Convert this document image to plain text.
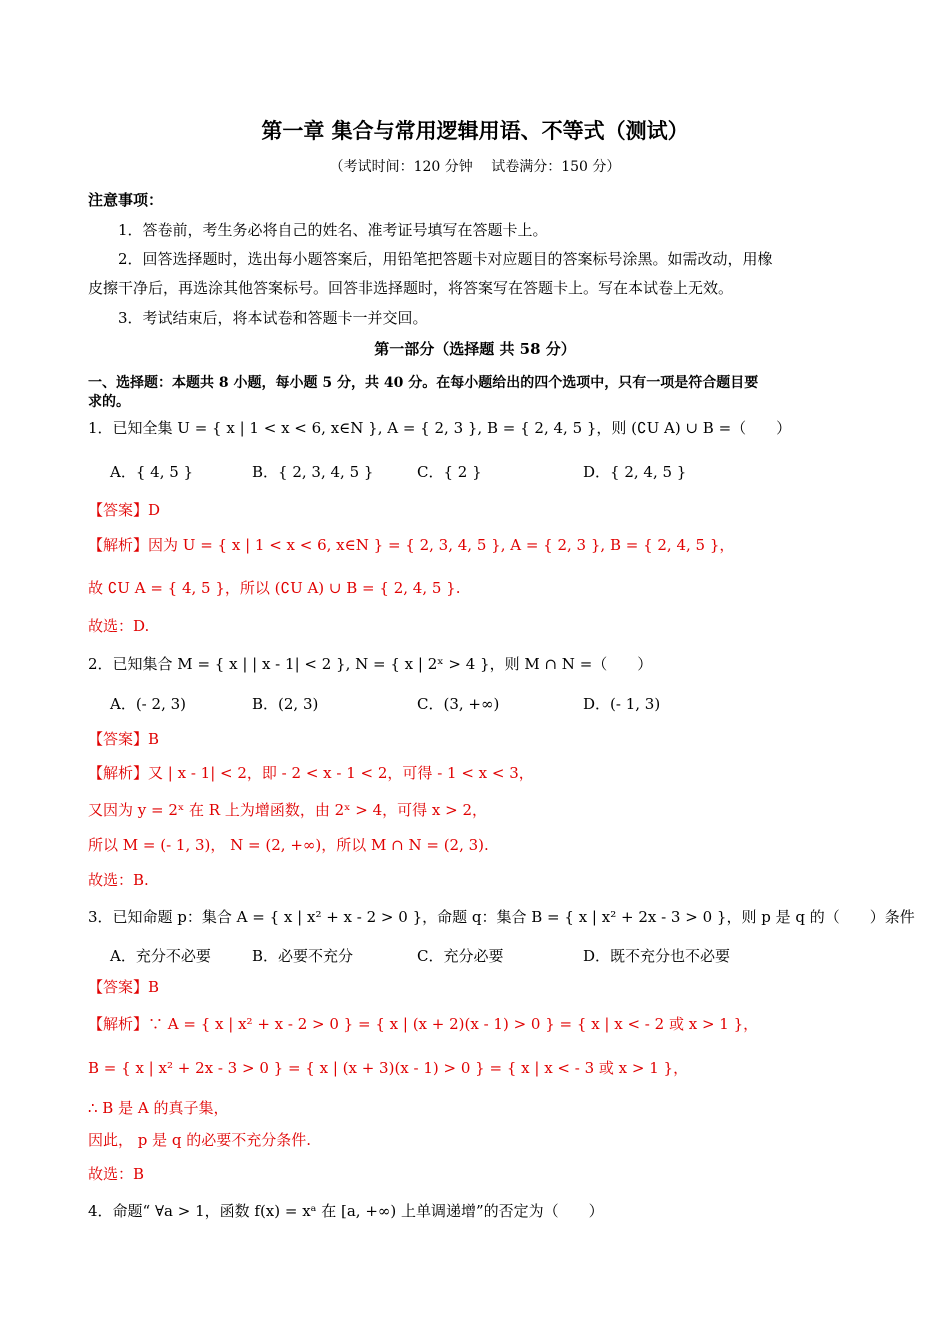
第一章 集合与常用逻辑用语、不等式（测试）
（考试时间：120 分钟　 试卷满分：150 分）
注意事项：
1．答卷前，考生务必将自己的姓名、准考证号填写在答题卡上。
2．回答选择题时，选出每小题答案后，用铅笔把答题卡对应题目的答案标号涂黑。如需改动，用橡
皮擦干净后，再选涂其他答案标号。回答非选择题时，将答案写在答题卡上。写在本试卷上无效。
3．考试结束后，将本试卷和答题卡一并交回。
第一部分（选择题 共 58 分）
一、选择题：本题共 8 小题，每小题 5 分，共 40 分。在每小题给出的四个选项中，只有一项是符合题目要
求的。
1．已知全集 U = { x | 1 < x < 6, x∈N }, A = { 2, 3 }, B = { 2, 4, 5 }，则 (∁U A) ∪ B =（　　）
A．{ 4, 5 }	B．{ 2, 3, 4, 5 }	C．{ 2 }	D．{ 2, 4, 5 }
【答案】D
【解析】因为 U = { x | 1 < x < 6, x∈N } = { 2, 3, 4, 5 }, A = { 2, 3 }, B = { 2, 4, 5 }，
故 ∁U A = { 4, 5 }，所以 (∁U A) ∪ B = { 2, 4, 5 }.
故选：D.
2．已知集合 M = { x | | x - 1| < 2 }, N = { x | 2ˣ > 4 }，则 M ∩ N =（　　）
A．(- 2, 3)	B．(2, 3)	C．(3, +∞)	D．(- 1, 3)
【答案】B
【解析】又 | x - 1| < 2，即 - 2 < x - 1 < 2，可得 - 1 < x < 3，
又因为 y = 2ˣ 在 R 上为增函数，由 2ˣ > 4，可得 x > 2，
所以 M = (- 1, 3)， N = (2, +∞)，所以 M ∩ N = (2, 3).
故选：B.
3．已知命题 p：集合 A = { x | x² + x - 2 > 0 }，命题 q：集合 B = { x | x² + 2x - 3 > 0 }，则 p 是 q 的（　　）条件
A．充分不必要	B．必要不充分	C．充分必要	D．既不充分也不必要
【答案】B
【解析】∵ A = { x | x² + x - 2 > 0 } = { x | (x + 2)(x - 1) > 0 } = { x | x < - 2 或 x > 1 }，
B = { x | x² + 2x - 3 > 0 } = { x | (x + 3)(x - 1) > 0 } = { x | x < - 3 或 x > 1 }，
∴ B 是 A 的真子集，
因此， p 是 q 的必要不充分条件.
故选：B
4．命题“ ∀a > 1，函数 f(x) = xᵃ 在 [a, +∞) 上单调递增”的否定为（　　）
